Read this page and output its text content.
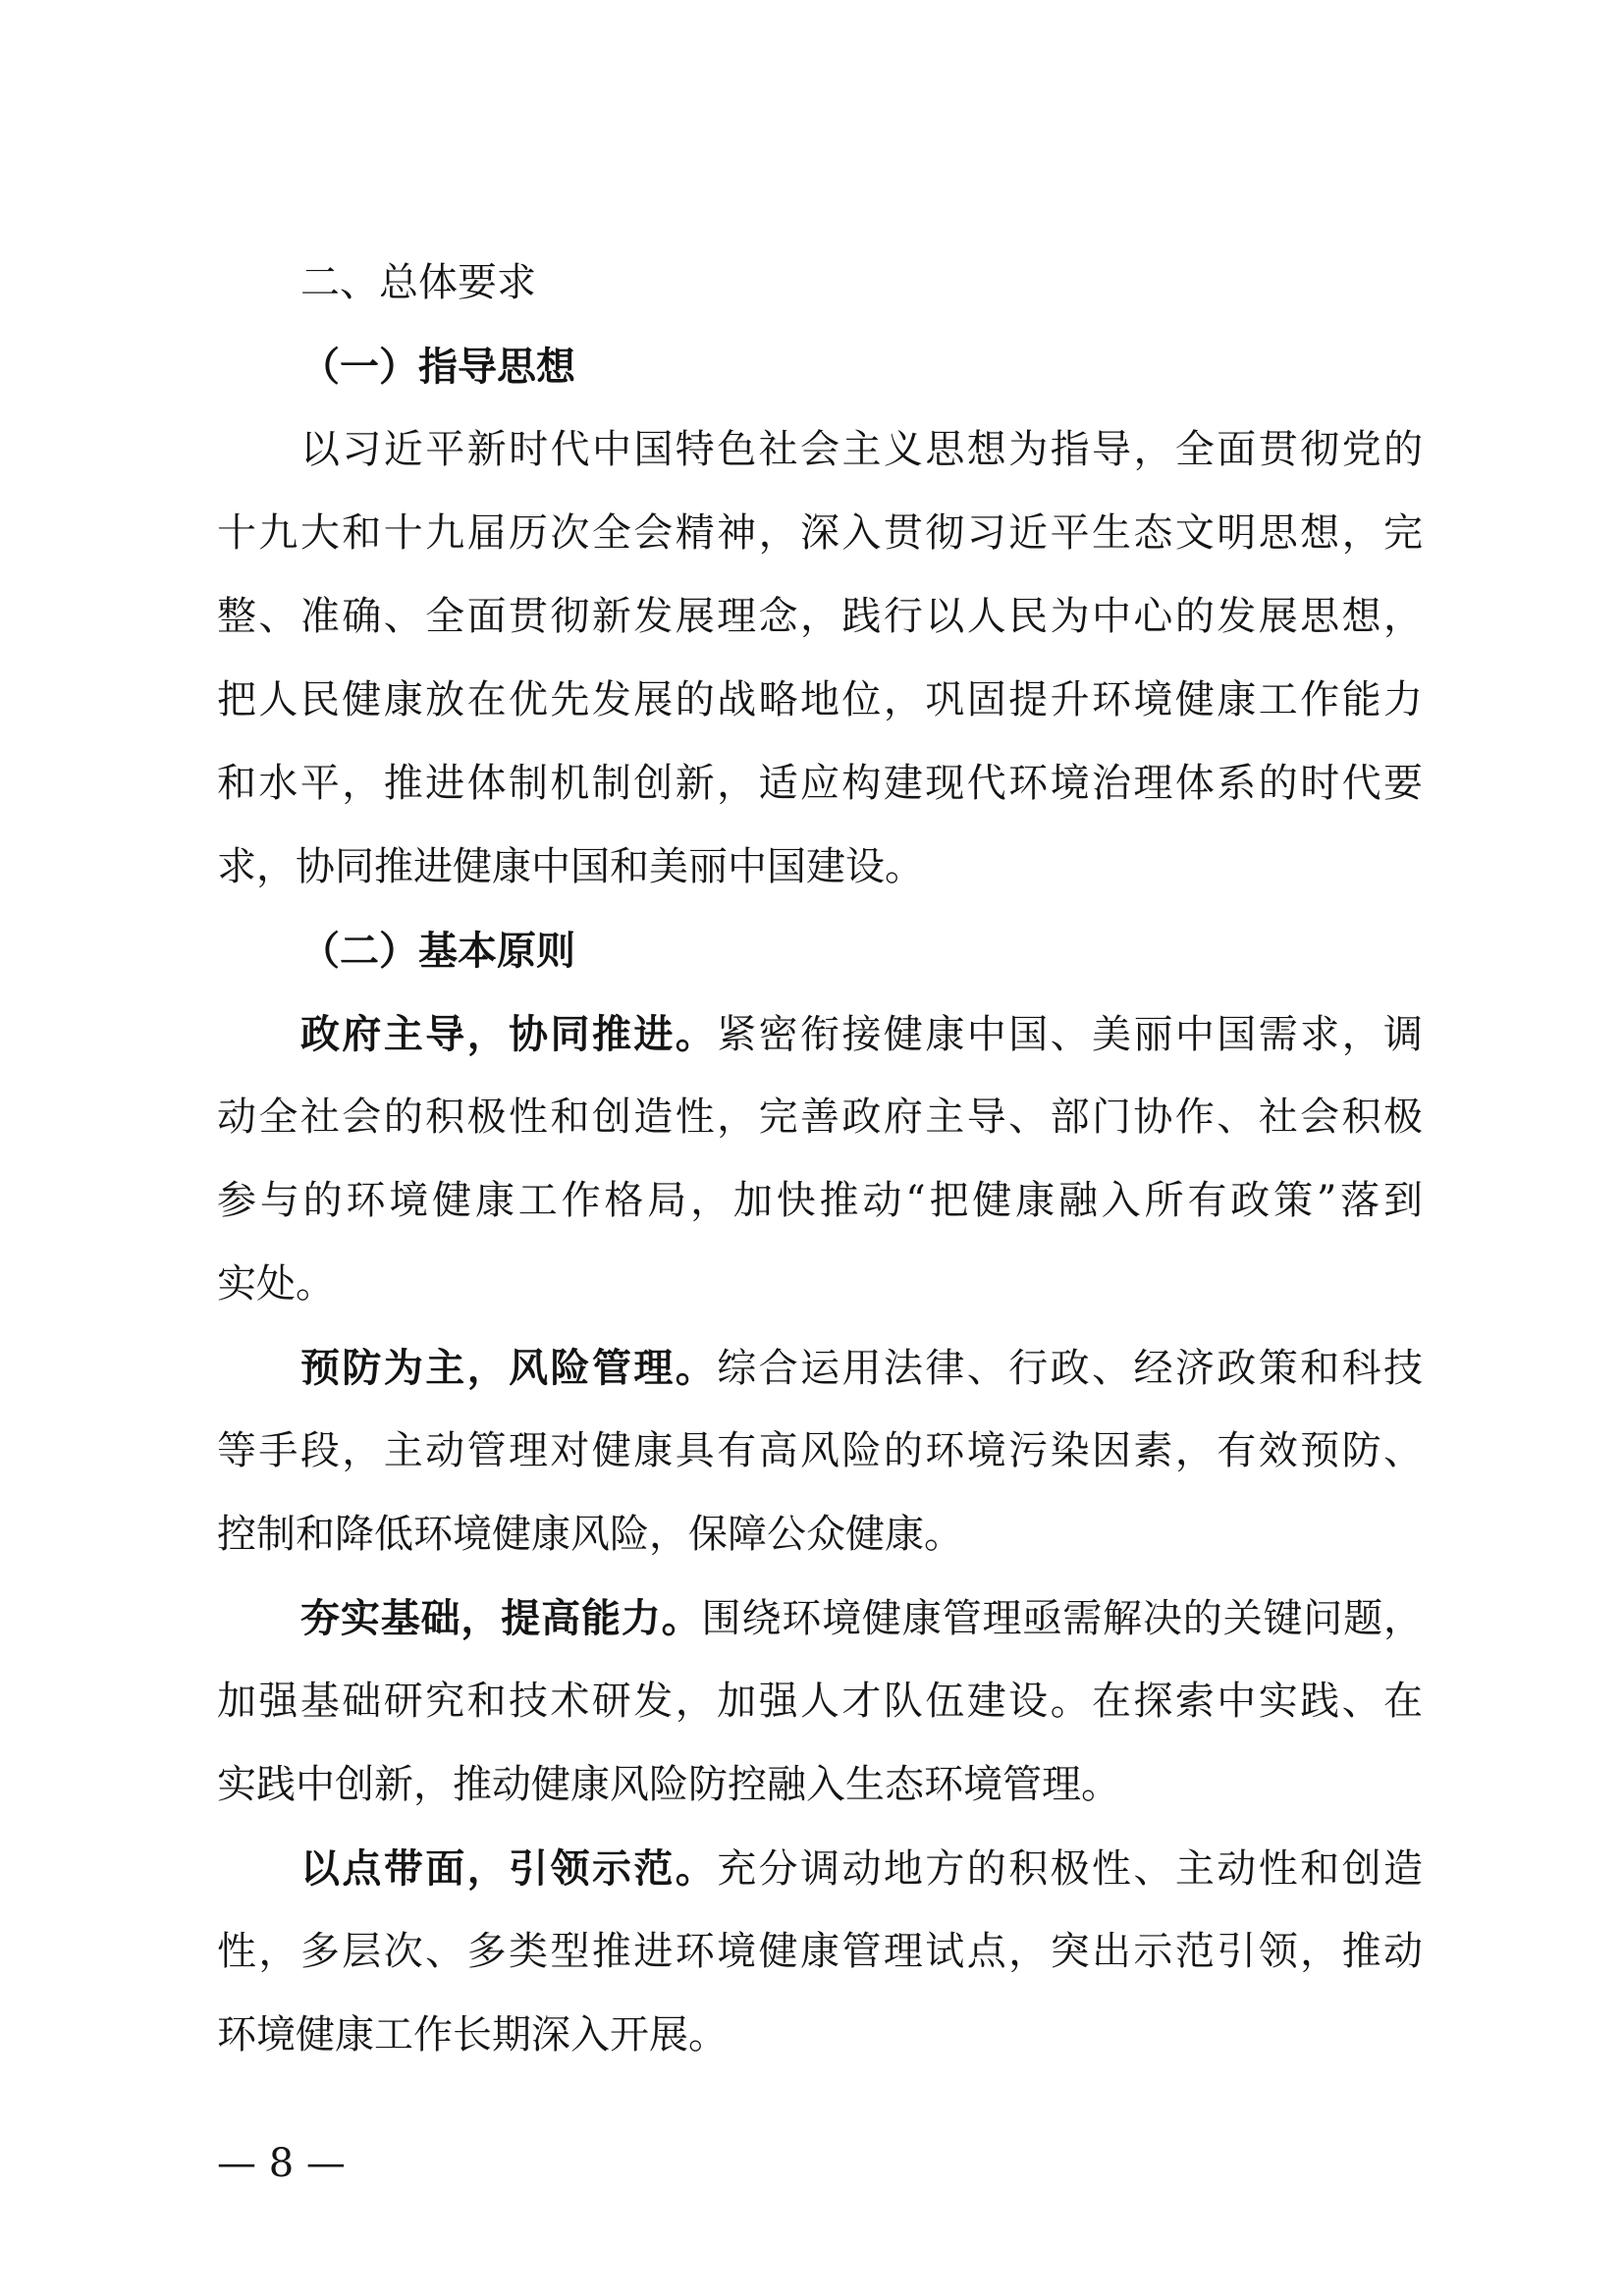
二、总体要求
（一）指导思想
以习近平新时代中国特色社会主义思想为指导，全面贯彻党的
十九大和十九届历次全会精神，深入贯彻习近平生态文明思想，完
整、准确、全面贯彻新发展理念，践行以人民为中心的发展思想，
把人民健康放在优先发展的战略地位，巩固提升环境健康工作能力
和水平，推进体制机制创新，适应构建现代环境治理体系的时代要
求，协同推进健康中国和美丽中国建设。
（二）基本原则
政府主导，协同推进。紧密衔接健康中国、美丽中国需求，调
动全社会的积极性和创造性，完善政府主导、部门协作、社会积极
参与的环境健康工作格局，加快推动“把健康融入所有政策”落到
实处。
预防为主，风险管理。综合运用法律、行政、经济政策和科技
等手段，主动管理对健康具有高风险的环境污染因素，有效预防、
控制和降低环境健康风险，保障公众健康。
夯实基础，提高能力。围绕环境健康管理亟需解决的关键问题，
加强基础研究和技术研发，加强人才队伍建设。在探索中实践、在
实践中创新，推动健康风险防控融入生态环境管理。
以点带面，引领示范。充分调动地方的积极性、主动性和创造
性，多层次、多类型推进环境健康管理试点，突出示范引领，推动
环境健康工作长期深入开展。
— 8 —
